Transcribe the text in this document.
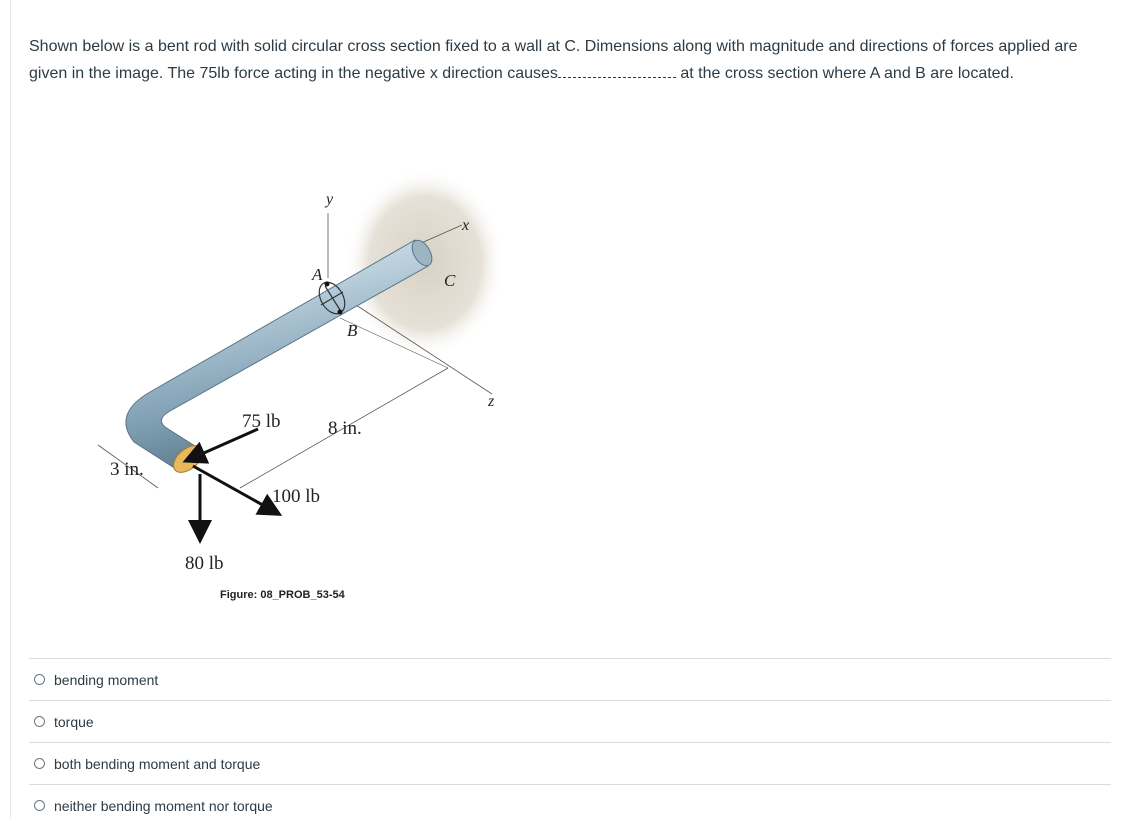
Shown below is a bent rod with solid circular cross section fixed to a wall at C. Dimensions along with magnitude and directions of forces applied are given in the image. The 75lb force acting in the negative x direction causes	at the cross section where A and B are located.
y
x
z
A
B
C
75 lb 8 in.
3 in.
100 lb
80 lb
Figure: 08_PROB_53-54
bending moment
torque
both bending moment and torque
neither bending moment nor torque
